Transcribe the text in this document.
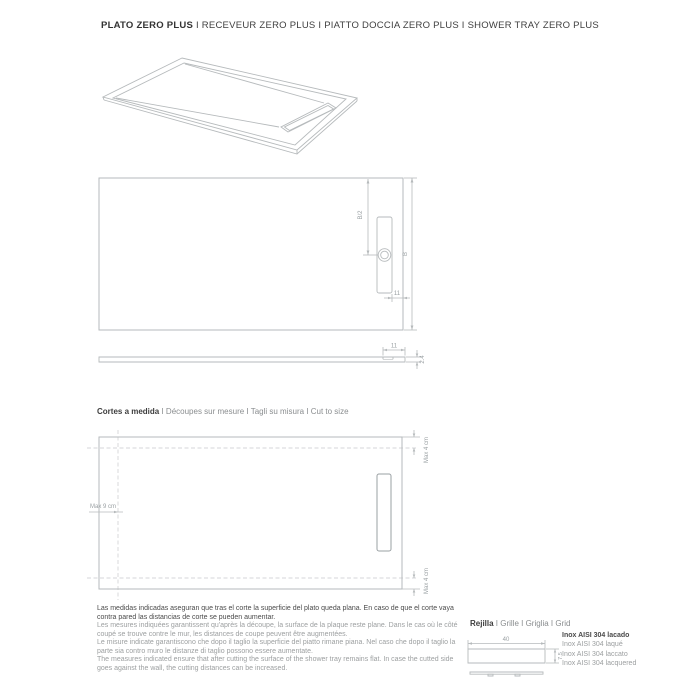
PLATO ZERO PLUS I RECEVEUR ZERO PLUS I PIATTO DOCCIA ZERO PLUS I SHOWER TRAY ZERO PLUS
B/2
B
11
11
2.4
Cortes a medida I Découpes sur mesure I Tagli su misura I Cut to size
Max 9 cm
Max 4 cm
Max 4 cm

Las medidas indicadas aseguran que tras el corte la superficie del plato queda plana. En caso de que el corte vaya contra pared las distancias de corte se pueden aumentar.

Les mesures indiquées garantissent qu'après la découpe, la surface de la plaque reste plane. Dans le cas où le côté coupé se trouve contre le mur, les distances de coupe peuvent être augmentées.

Le misure indicate garantiscono che dopo il taglio la superficie del piatto rimane piana. Nel caso che dopo il taglio la parte sia contro muro le distanze di taglio possono essere aumentate.

The measures indicated ensure that after cutting the surface of the shower tray remains flat. In case the cutted side goes against the wall, the cutting distances can be increased.

Rejilla I Grille I Griglia I Grid
40
7.5
Inox AISI 304 lacado
Inox AISI 304 laqué
Inox AISI 304 laccato
Inox AISI 304 lacquered
